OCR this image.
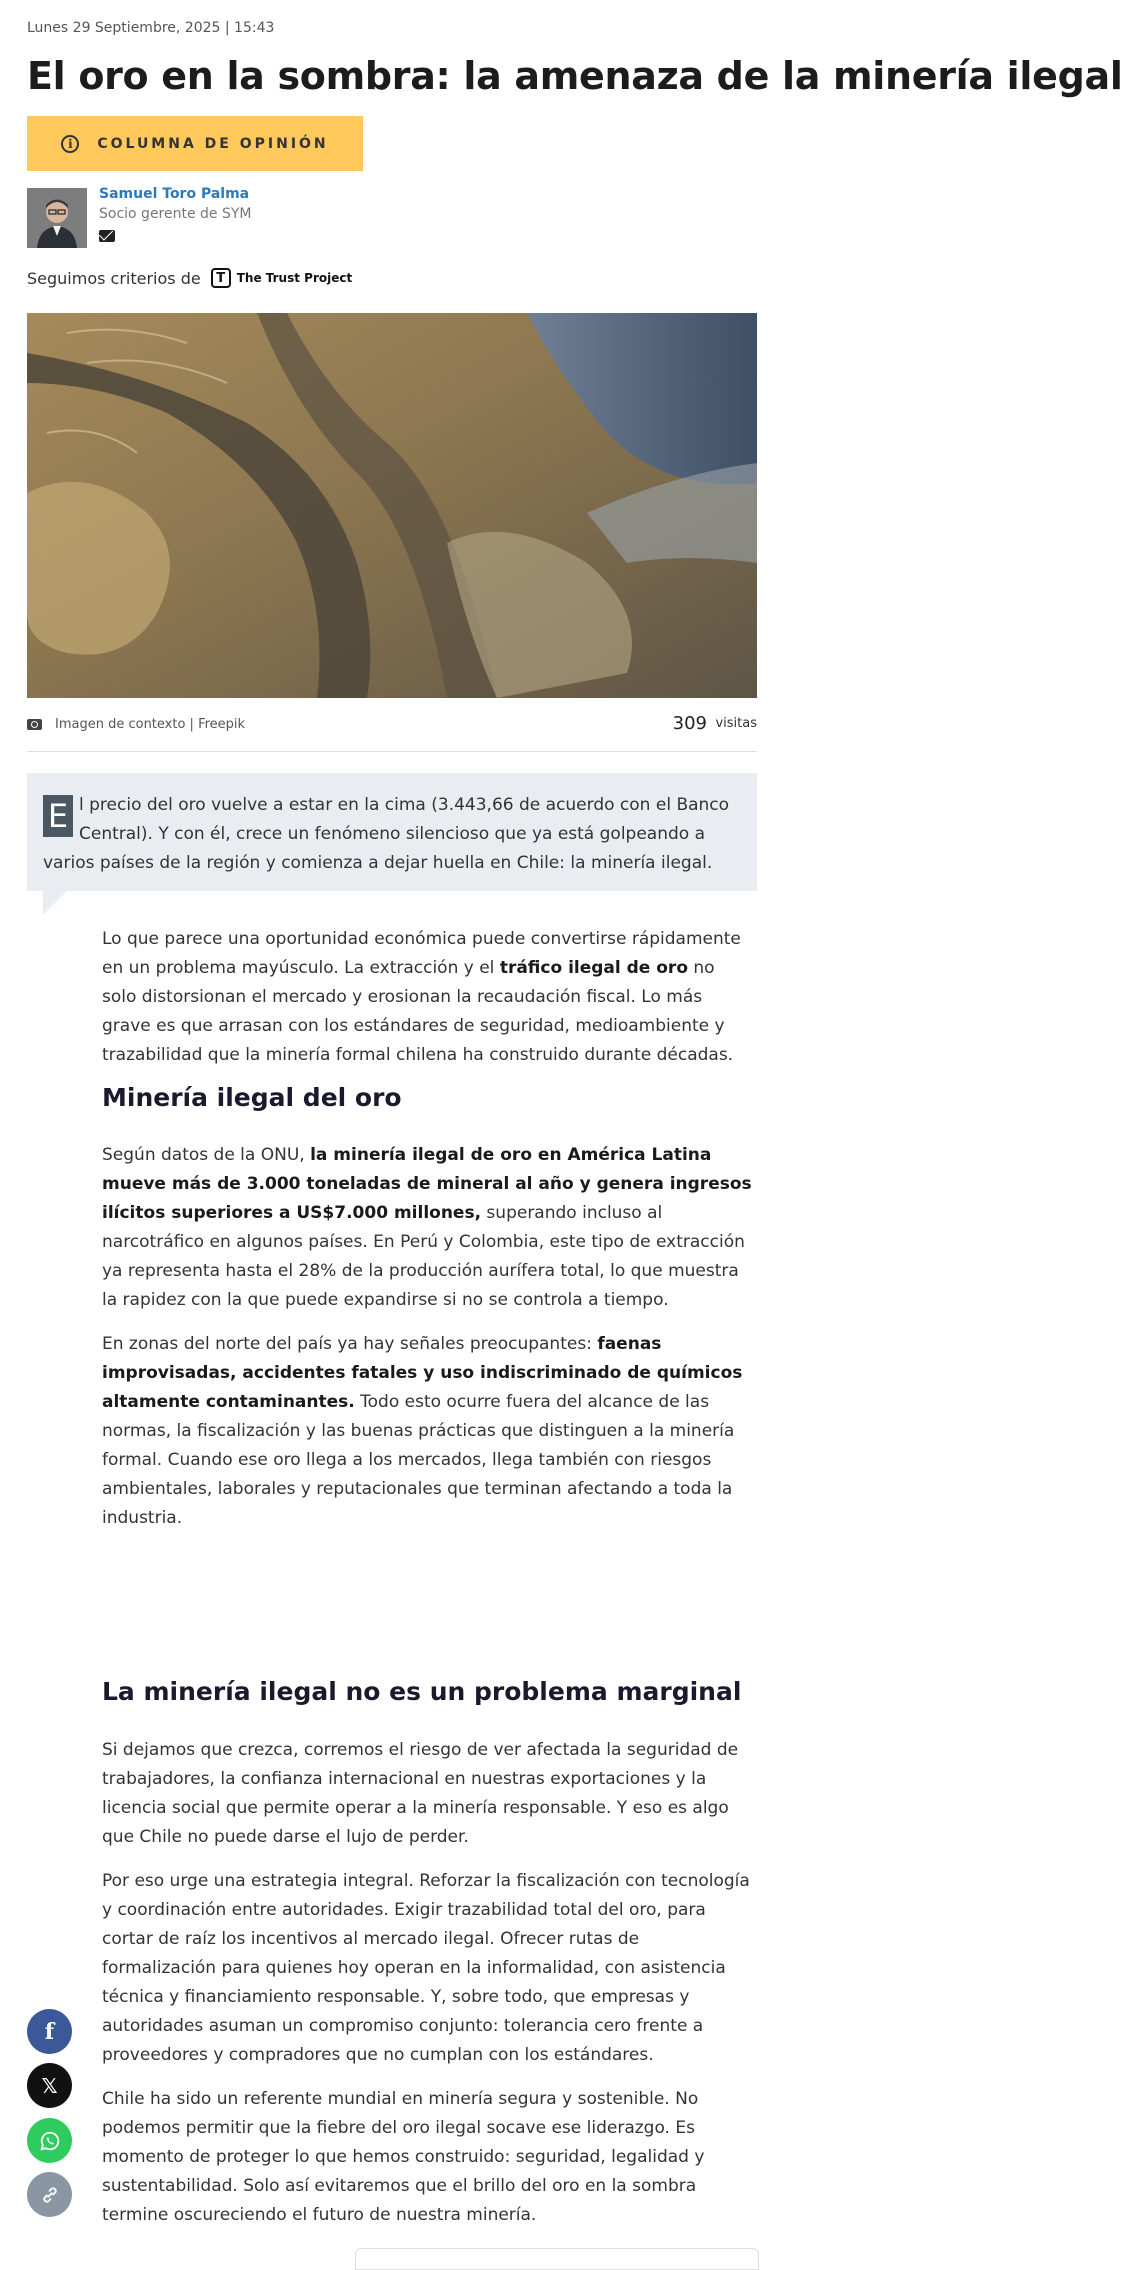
Lunes 29 Septiembre, 2025 | 15:43
El oro en la sombra: la amenaza de la minería ilegal
i	COLUMNA DE OPINIÓN
Samuel Toro Palma
Socio gerente de SYM
Seguimos criterios de	T The Trust Project
Imagen de contexto | Freepik	309 visitas
E l precio del oro vuelve a estar en la cima (3.443,66 de acuerdo con el Banco Central). Y con él, crece un fenómeno silencioso que ya está golpeando a varios países de la región y comienza a dejar huella en Chile: la minería ilegal.

Lo que parece una oportunidad económica puede convertirse rápidamente en un problema mayúsculo. La extracción y el tráfico ilegal de oro no solo distorsionan el mercado y erosionan la recaudación fiscal. Lo más grave es que arrasan con los estándares de seguridad, medioambiente y trazabilidad que la minería formal chilena ha construido durante décadas.

Minería ilegal del oro

Según datos de la ONU, la minería ilegal de oro en América Latina mueve más de 3.000 toneladas de mineral al año y genera ingresos ilícitos superiores a US$7.000 millones, superando incluso al narcotráfico en algunos países. En Perú y Colombia, este tipo de extracción ya representa hasta el 28% de la producción aurífera total, lo que muestra la rapidez con la que puede expandirse si no se controla a tiempo.

En zonas del norte del país ya hay señales preocupantes: faenas improvisadas, accidentes fatales y uso indiscriminado de químicos altamente contaminantes. Todo esto ocurre fuera del alcance de las normas, la fiscalización y las buenas prácticas que distinguen a la minería formal. Cuando ese oro llega a los mercados, llega también con riesgos ambientales, laborales y reputacionales que terminan afectando a toda la industria.

La minería ilegal no es un problema marginal

Si dejamos que crezca, corremos el riesgo de ver afectada la seguridad de trabajadores, la confianza internacional en nuestras exportaciones y la licencia social que permite operar a la minería responsable. Y eso es algo que Chile no puede darse el lujo de perder.

Por eso urge una estrategia integral. Reforzar la fiscalización con tecnología y coordinación entre autoridades. Exigir trazabilidad total del oro, para cortar de raíz los incentivos al mercado ilegal. Ofrecer rutas de formalización para quienes hoy operan en la informalidad, con asistencia técnica y financiamiento responsable. Y, sobre todo, que empresas y autoridades asuman un compromiso conjunto: tolerancia cero frente a proveedores y compradores que no cumplan con los estándares.

Chile ha sido un referente mundial en minería segura y sostenible. No podemos permitir que la fiebre del oro ilegal socave ese liderazgo. Es momento de proteger lo que hemos construido: seguridad, legalidad y sustentabilidad. Solo así evitaremos que el brillo del oro en la sombra termine oscureciendo el futuro de nuestra minería.

f
𝕏
